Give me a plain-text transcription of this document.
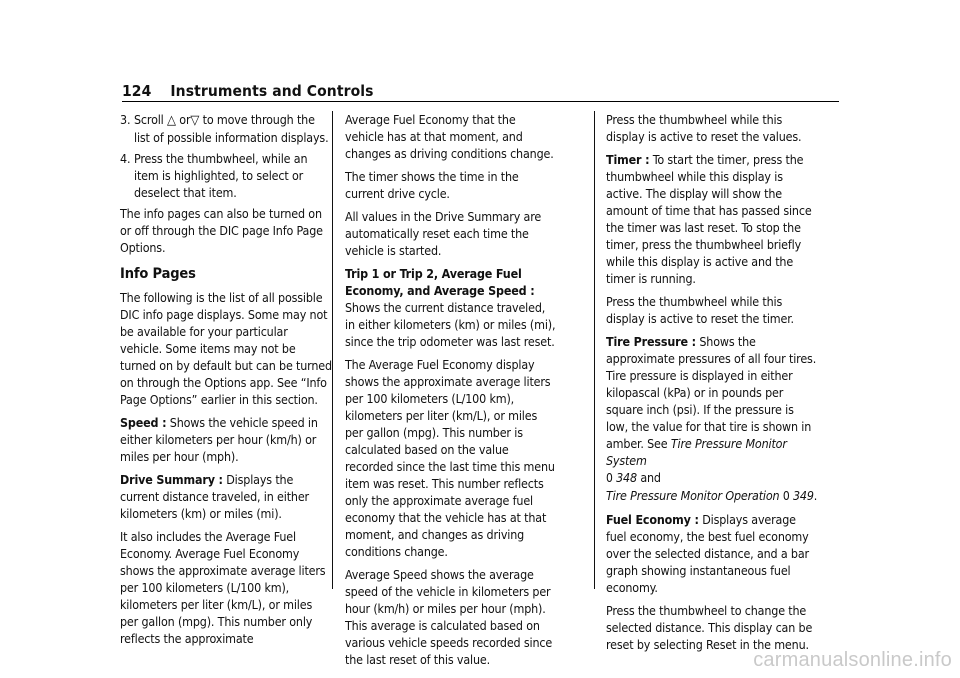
124 Instruments and Controls
3. Scroll △ or▽ to move through the list of possible information displays.
4. Press the thumbwheel, while an item is highlighted, to select or deselect that item.

The info pages can also be turned on or off through the DIC page Info Page Options.

Info Pages

The following is the list of all possible DIC info page displays. Some may not be available for your particular vehicle. Some items may not be turned on by default but can be turned on through the Options app. See “Info Page Options” earlier in this section.

Speed : Shows the vehicle speed in either kilometers per hour (km/h) or miles per hour (mph).

Drive Summary : Displays the current distance traveled, in either kilometers (km) or miles (mi).

It also includes the Average Fuel Economy. Average Fuel Economy shows the approximate average liters per 100 kilometers (L/100 km), kilometers per liter (km/L), or miles per gallon (mpg). This number only reflects the approximate

Average Fuel Economy that the vehicle has at that moment, and changes as driving conditions change.

The timer shows the time in the current drive cycle.

All values in the Drive Summary are automatically reset each time the vehicle is started.

Trip 1 or Trip 2, Average Fuel Economy, and Average Speed : Shows the current distance traveled, in either kilometers (km) or miles (mi), since the trip odometer was last reset.

The Average Fuel Economy display shows the approximate average liters per 100 kilometers (L/100 km), kilometers per liter (km/L), or miles per gallon (mpg). This number is calculated based on the value recorded since the last time this menu item was reset. This number reflects only the approximate average fuel economy that the vehicle has at that moment, and changes as driving conditions change.

Average Speed shows the average speed of the vehicle in kilometers per hour (km/h) or miles per hour (mph). This average is calculated based on various vehicle speeds recorded since the last reset of this value.

Press the thumbwheel while this display is active to reset the values.

Timer : To start the timer, press the thumbwheel while this display is active. The display will show the amount of time that has passed since the timer was last reset. To stop the timer, press the thumbwheel briefly while this display is active and the timer is running.

Press the thumbwheel while this display is active to reset the timer.

Tire Pressure : Shows the approximate pressures of all four tires. Tire pressure is displayed in either kilopascal (kPa) or in pounds per square inch (psi). If the pressure is low, the value for that tire is shown in amber. See Tire Pressure Monitor System
0 348 and
Tire Pressure Monitor Operation 0 349.

Fuel Economy : Displays average fuel economy, the best fuel economy over the selected distance, and a bar graph showing instantaneous fuel economy.

Press the thumbwheel to change the selected distance. This display can be reset by selecting Reset in the menu.

carmanualsonline.info
